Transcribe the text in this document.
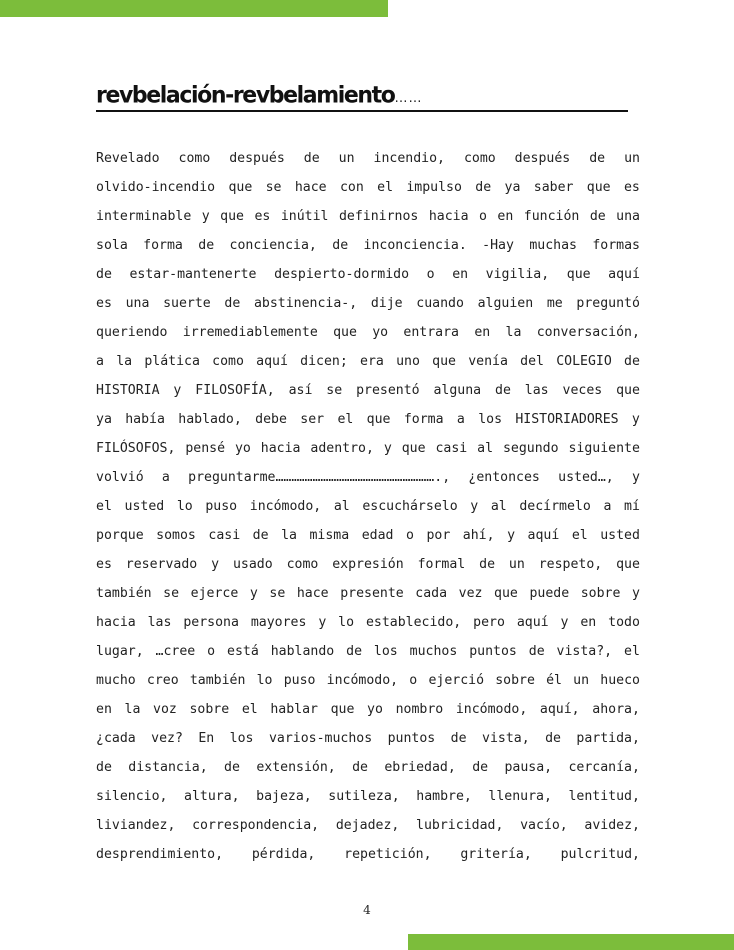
revbelación-revbelamiento……
Revelado como después de un incendio, como después de un
olvido-incendio que se hace con el impulso de ya saber que es
interminable y que es inútil definirnos hacia o en función de una
sola forma de conciencia, de inconciencia. -Hay muchas formas
de estar-mantenerte despierto-dormido o en vigilia, que aquí
es una suerte de abstinencia-, dije cuando alguien me preguntó
queriendo irremediablemente que yo entrara en la conversación,
a la plática como aquí dicen; era uno que venía del COLEGIO de
HISTORIA y FILOSOFÍA, así se presentó alguna de las veces que
ya había hablado, debe ser el que forma a los HISTORIADORES y
FILÓSOFOS, pensé yo hacia adentro, y que casi al segundo siguiente
volvió a preguntarme……………………………………………………., ¿entonces usted…, y
el usted lo puso incómodo, al escuchárselo y al decírmelo a mí
porque somos casi de la misma edad o por ahí, y aquí el usted
es reservado y usado como expresión formal de un respeto, que
también se ejerce y se hace presente cada vez que puede sobre y
hacia las persona mayores y lo establecido, pero aquí y en todo
lugar, …cree o está hablando de los muchos puntos de vista?, el
mucho creo también lo puso incómodo, o ejerció sobre él un hueco
en la voz sobre el hablar que yo nombro incómodo, aquí, ahora,
¿cada vez? En los varios-muchos puntos de vista, de partida,
de distancia, de extensión, de ebriedad, de pausa, cercanía,
silencio, altura, bajeza, sutileza, hambre, llenura, lentitud,
liviandez, correspondencia, dejadez, lubricidad, vacío, avidez,
desprendimiento, pérdida, repetición, gritería, pulcritud,
4
